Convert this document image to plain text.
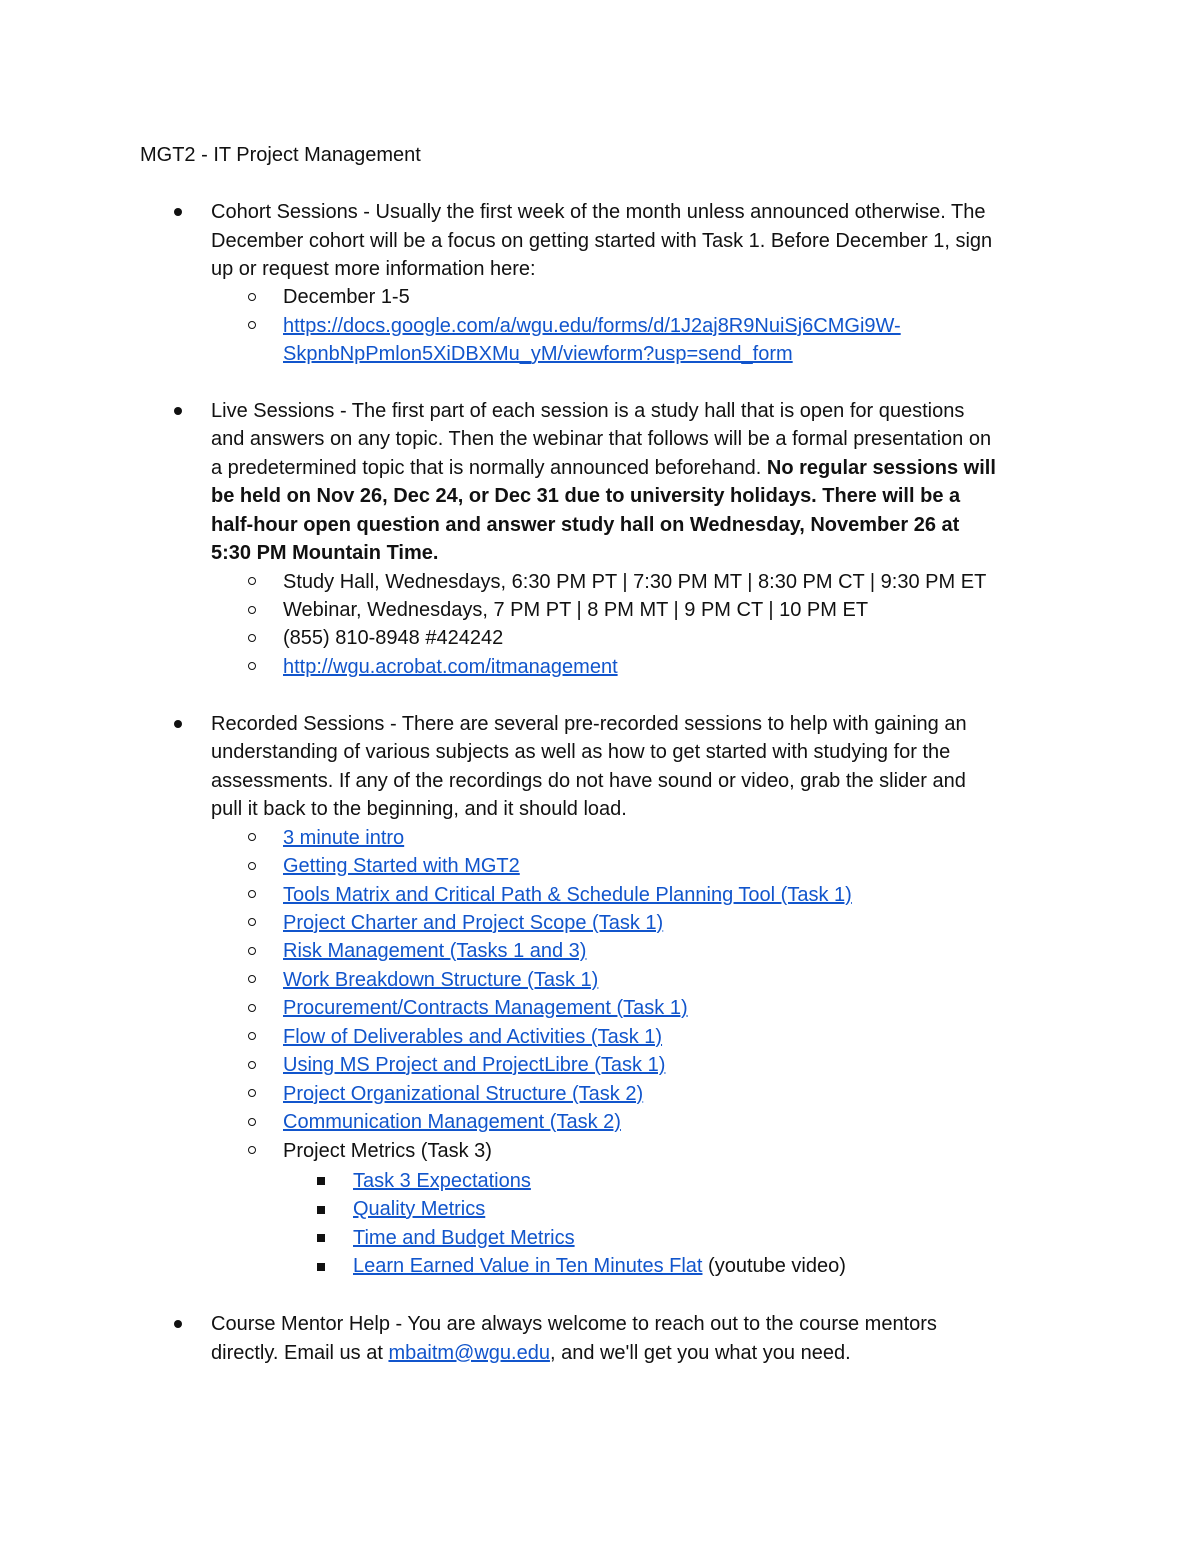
MGT2 - IT Project Management
Cohort Sessions - Usually the first week of the month unless announced otherwise. The
December cohort will be a focus on getting started with Task 1. Before December 1, sign
up or request more information here:
December 1-5
https://docs.google.com/a/wgu.edu/forms/d/1J2aj8R9NuiSj6CMGi9W-
SkpnbNpPmlon5XiDBXMu_yM/viewform?usp=send_form
Live Sessions - The first part of each session is a study hall that is open for questions
and answers on any topic. Then the webinar that follows will be a formal presentation on
a predetermined topic that is normally announced beforehand. No regular sessions will
be held on Nov 26, Dec 24, or Dec 31 due to university holidays. There will be a
half-hour open question and answer study hall on Wednesday, November 26 at
5:30 PM Mountain Time.
Study Hall, Wednesdays, 6:30 PM PT | 7:30 PM MT | 8:30 PM CT | 9:30 PM ET
Webinar, Wednesdays, 7 PM PT | 8 PM MT | 9 PM CT | 10 PM ET
(855) 810-8948 #424242
http://wgu.acrobat.com/itmanagement
Recorded Sessions - There are several pre-recorded sessions to help with gaining an
understanding of various subjects as well as how to get started with studying for the
assessments. If any of the recordings do not have sound or video, grab the slider and
pull it back to the beginning, and it should load.
3 minute intro
Getting Started with MGT2
Tools Matrix and Critical Path & Schedule Planning Tool (Task 1)
Project Charter and Project Scope (Task 1)
Risk Management (Tasks 1 and 3)
Work Breakdown Structure (Task 1)
Procurement/Contracts Management (Task 1)
Flow of Deliverables and Activities (Task 1)
Using MS Project and ProjectLibre (Task 1)
Project Organizational Structure (Task 2)
Communication Management (Task 2)
Project Metrics (Task 3)
Task 3 Expectations
Quality Metrics
Time and Budget Metrics
Learn Earned Value in Ten Minutes Flat (youtube video)
Course Mentor Help - You are always welcome to reach out to the course mentors
directly. Email us at mbaitm@wgu.edu, and we'll get you what you need.
